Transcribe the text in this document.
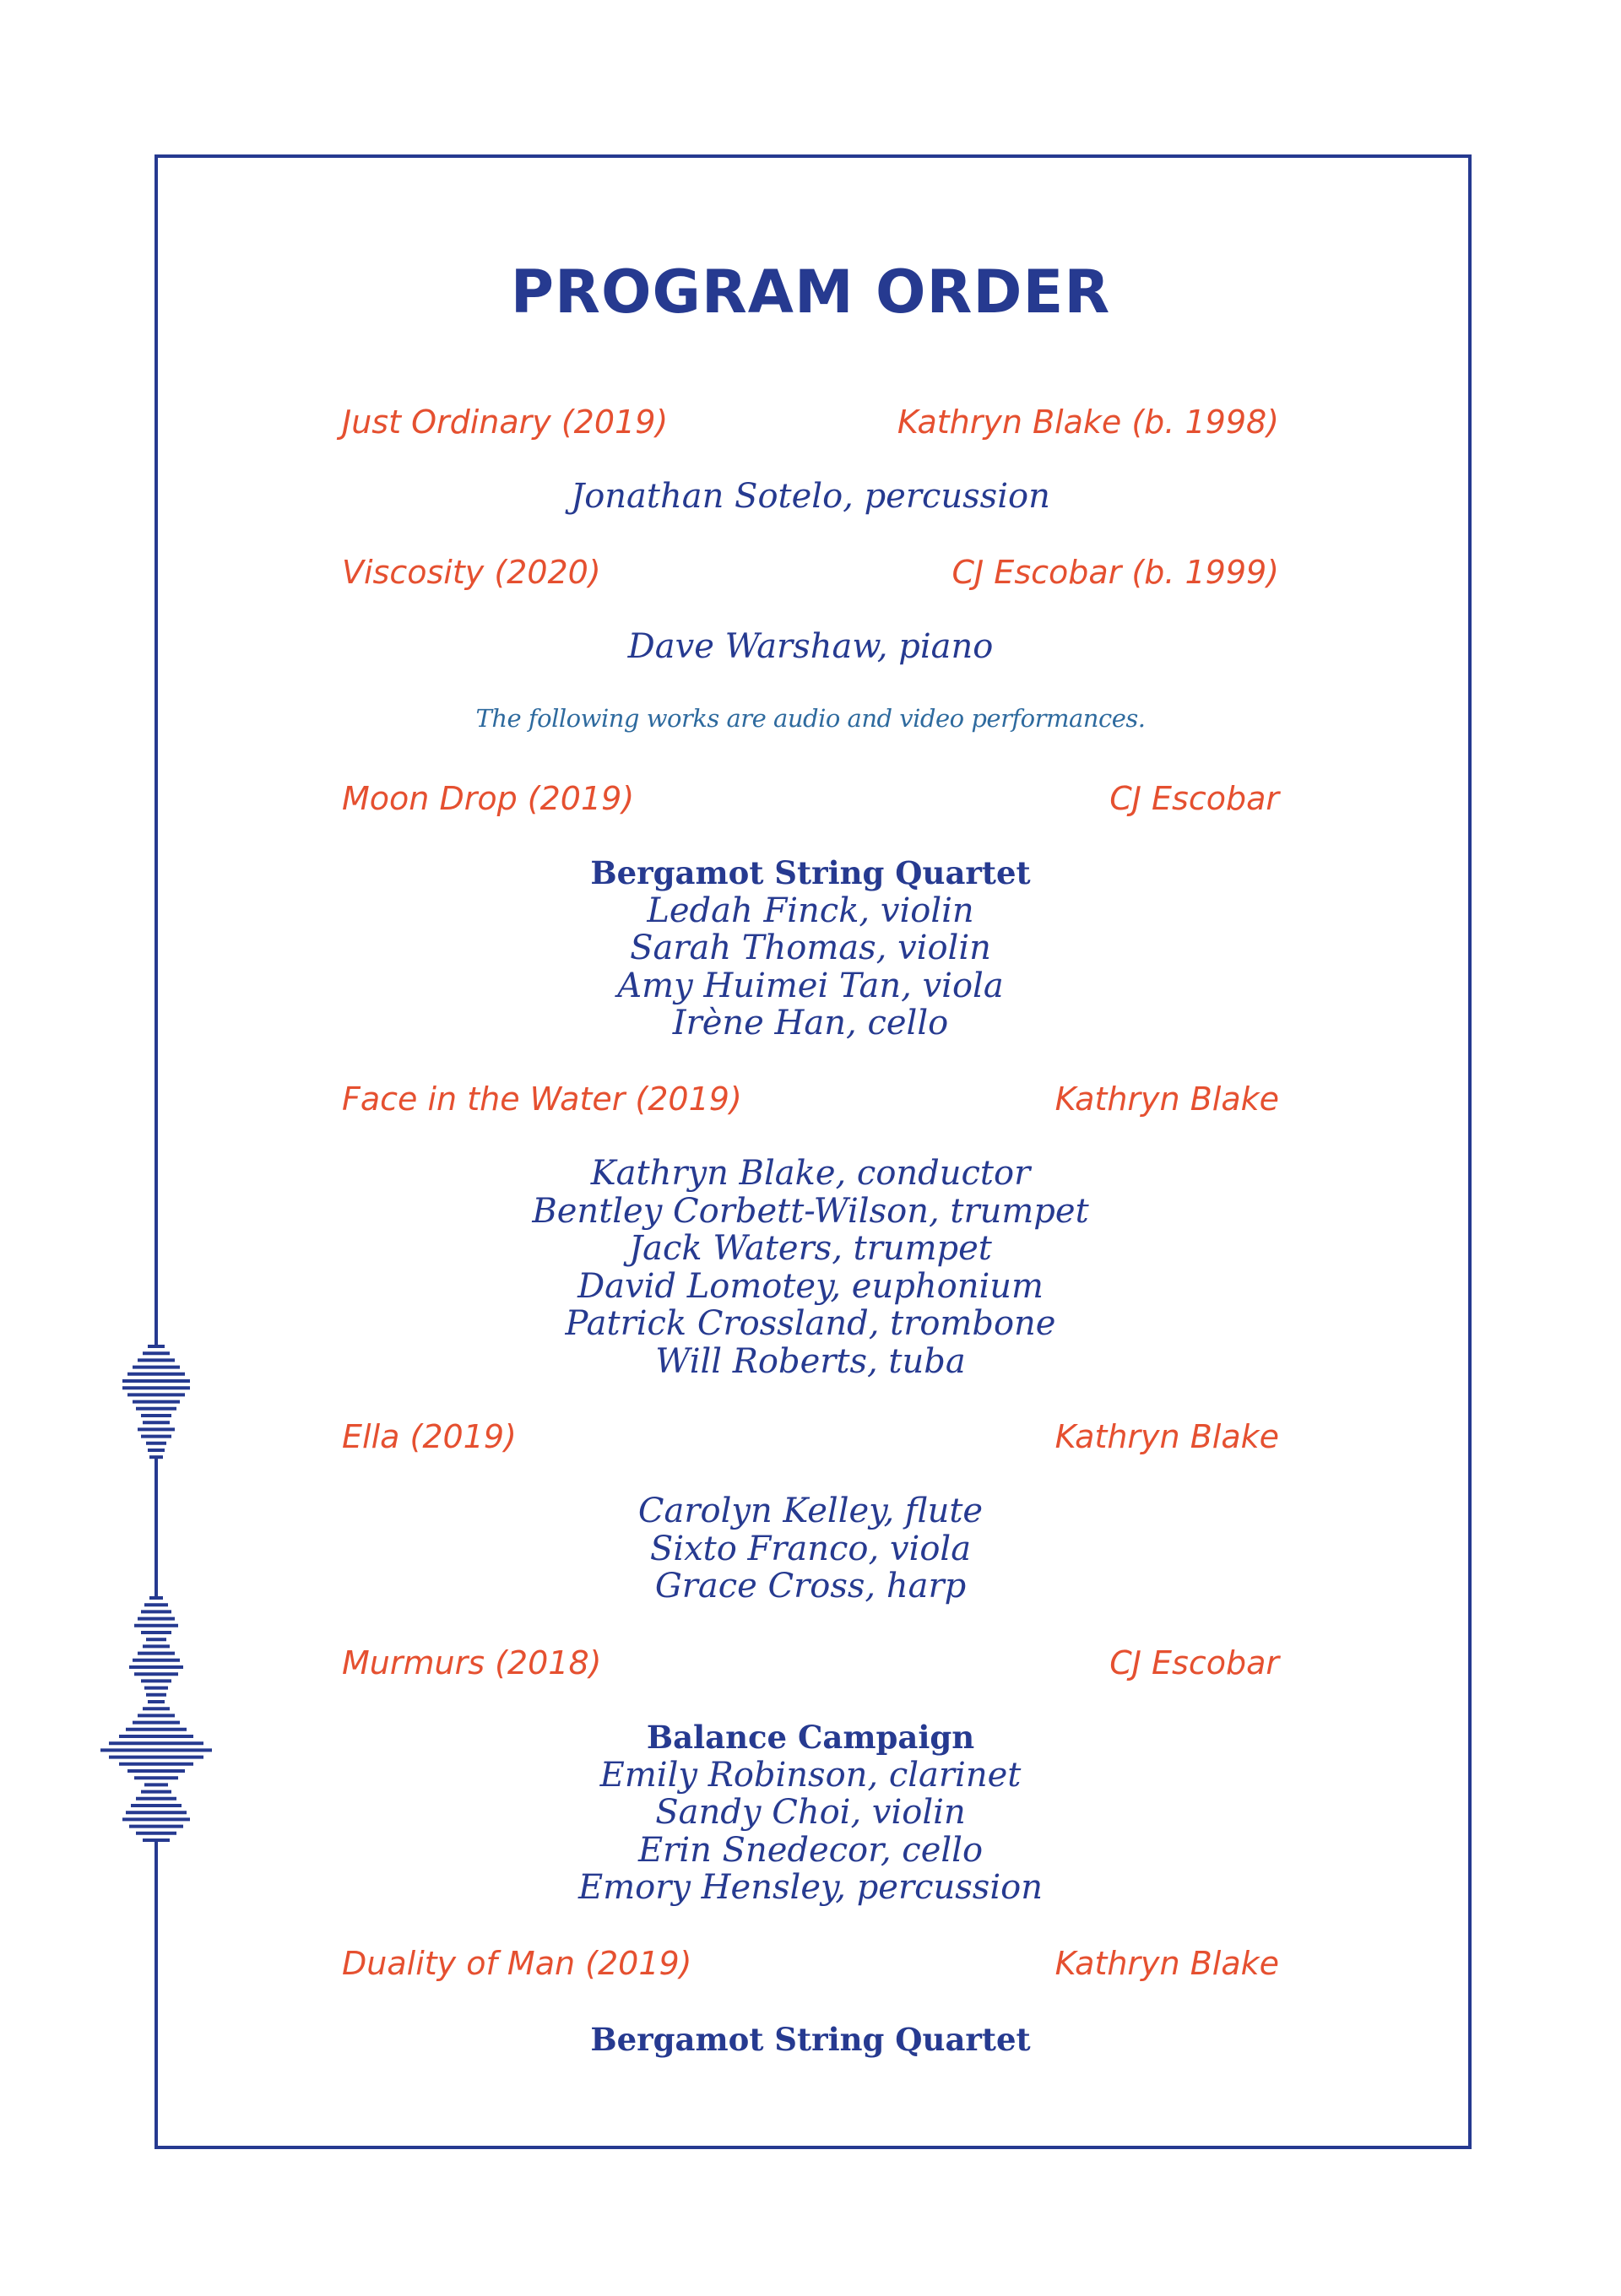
PROGRAM ORDER
Just Ordinary (2019)	Kathryn Blake (b. 1998)
Jonathan Sotelo, percussion
Viscosity (2020)	CJ Escobar (b. 1999)
Dave Warshaw, piano
The following works are audio and video performances.
Moon Drop (2019)	CJ Escobar
Bergamot String Quartet
Ledah Finck, violin
Sarah Thomas, violin
Amy Huimei Tan, viola
Irène Han, cello
Face in the Water (2019)	Kathryn Blake
Kathryn Blake, conductor
Bentley Corbett-Wilson, trumpet
Jack Waters, trumpet
David Lomotey, euphonium
Patrick Crossland, trombone
Will Roberts, tuba
Ella (2019)	Kathryn Blake
Carolyn Kelley, flute
Sixto Franco, viola
Grace Cross, harp
Murmurs (2018)	CJ Escobar
Balance Campaign
Emily Robinson, clarinet
Sandy Choi, violin
Erin Snedecor, cello
Emory Hensley, percussion
Duality of Man (2019)	Kathryn Blake
Bergamot String Quartet
